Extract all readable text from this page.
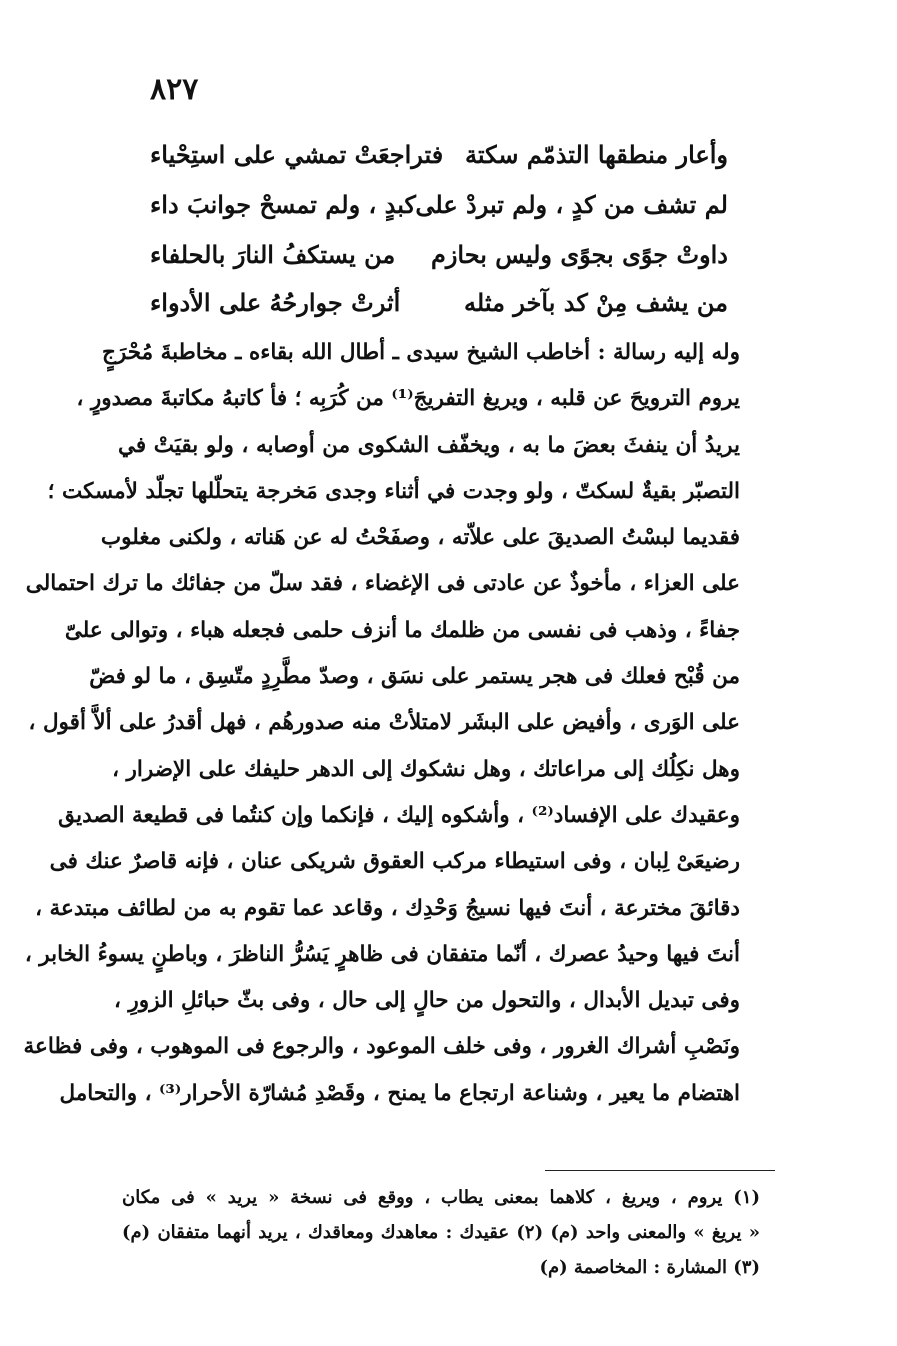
٨٢٧
وأعار منطقها التذمّم سكتة
فتراجعَتْ تمشي على استِحْياء
لم تشف من كدٍ ، ولم تبردْ على
كبدٍ ، ولم تمسحْ جوانبَ داء
داوتْ جوًى بجوًى وليس بحازم
من يستكفُ النارَ بالحلفاء
من يشف مِنْ كد بآخر مثله
أثرتْ جوارحُهُ على الأدواء
وله إليه رسالة : أخاطب الشيخ سيدى ـ أطال الله بقاءه ـ مخاطبةَ مُحْرَجٍ
يروم الترويحَ عن قلبه ، ويريغ التفريجَ⁽¹⁾ من كُرَبِه ؛ فأ كاتبهُ مكاتبةَ مصدورٍ ،
يريدُ أن ينفثَ بعضَ ما به ، ويخفّف الشكوى من أوصابه ، ولو بقيَتْ في
التصبّر بقيةٌ لسكتّ ، ولو وجدت في أثناء وجدى مَخرجة يتحلّلها تجلّد لأمسكت ؛
فقديما لبسْتُ الصديقَ على علاّته ، وصفَحْتُ له عن هَناته ، ولكنى مغلوب
على العزاء ، مأخوذٌ عن عادتى فى الإغضاء ، فقد سلّ من جفائك ما ترك احتمالى
جفاءً ، وذهب فى نفسى من ظلمك ما أنزف حلمى فجعله هباء ، وتوالى علىّ
من قُبْح فعلك فى هجر يستمر على نسَق ، وصدّ مطَّرِدٍ متّسِق ، ما لو فضّ
على الوَرى ، وأفيض على البشَر لامتلأتْ منه صدورهُم ، فهل أقدرُ على ألاَّ أقول ،
وهل نكِلُك إلى مراعاتك ، وهل نشكوك إلى الدهر حليفك على الإضرار ،
وعقيدك على الإفساد⁽²⁾ ، وأشكوه إليك ، فإنكما وإن كنتُما فى قطيعة الصديق
رضيعَىْ لِبان ، وفى استيطاء مركب العقوق شريكى عنان ، فإنه قاصرٌ عنك فى
دقائقَ مخترعة ، أنتَ فيها نسيجُ وَحْدِك ، وقاعد عما تقوم به من لطائف مبتدعة ،
أنتَ فيها وحيدُ عصرك ، أنّما متفقان فى ظاهرٍ يَسُرُّ الناظرَ ، وباطنٍ يسوءُ الخابر ،
وفى تبديل الأبدال ، والتحول من حالٍ إلى حال ، وفى بثّ حبائلِ الزورِ ،
ونَصْبِ أشراك الغرور ، وفى خلف الموعود ، والرجوع فى الموهوب ، وفى فظاعة
اهتضام ما يعير ، وشناعة ارتجاع ما يمنح ، وقَصْدِ مُشارّة الأحرار⁽³⁾ ، والتحامل
(١) يروم ، ويريغ ، كلاهما بمعنى يطاب ، ووقع فى نسخة « يريد » فى مكان
« يريغ » والمعنى واحد (م) (٢) عقيدك : معاهدك ومعاقدك ، يريد أنهما متفقان (م)
(٣) المشارة : المخاصمة (م)
